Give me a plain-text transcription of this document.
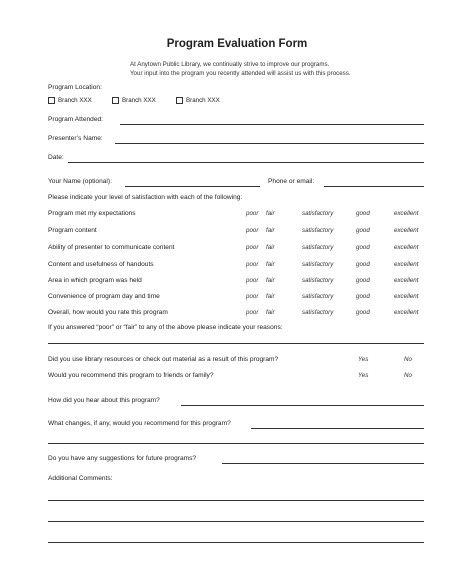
Program Evaluation Form
At Anytown Public Library, we continually strive to improve our programs.
Your input into the program you recently attended will assist us with this process.
Program Location:
Branch XXX	Branch XXX	Branch XXX
Program Attended:
Presenter’s Name:
Date:
Your Name (optional):	Phone or email:
Please indicate your level of satisfaction with each of the following:
Program met my expectations	poor fair	satisfactory	good	excellent
Program content	poor fair	satisfactory	good	excellent
Ability of presenter to communicate content	poor fair	satisfactory	good	excellent
Content and usefulness of handouts	poor fair	satisfactory	good	excellent
Area in which program was held	poor fair	satisfactory	good	excellent
Convenience of program day and time	poor fair	satisfactory	good	excellent
Overall, how would you rate this program	poor fair	satisfactory	good	excellent
If you answered “poor” or “fair” to any of the above please indicate your reasons:
Did you use library resources or check out material as a result of this program?	Yes	No
Would you recommend this program to friends or family?	Yes	No
How did you hear about this program?
What changes, if any, would you recommend for this program?
Do you have any suggestions for future programs?
Additional Comments:
